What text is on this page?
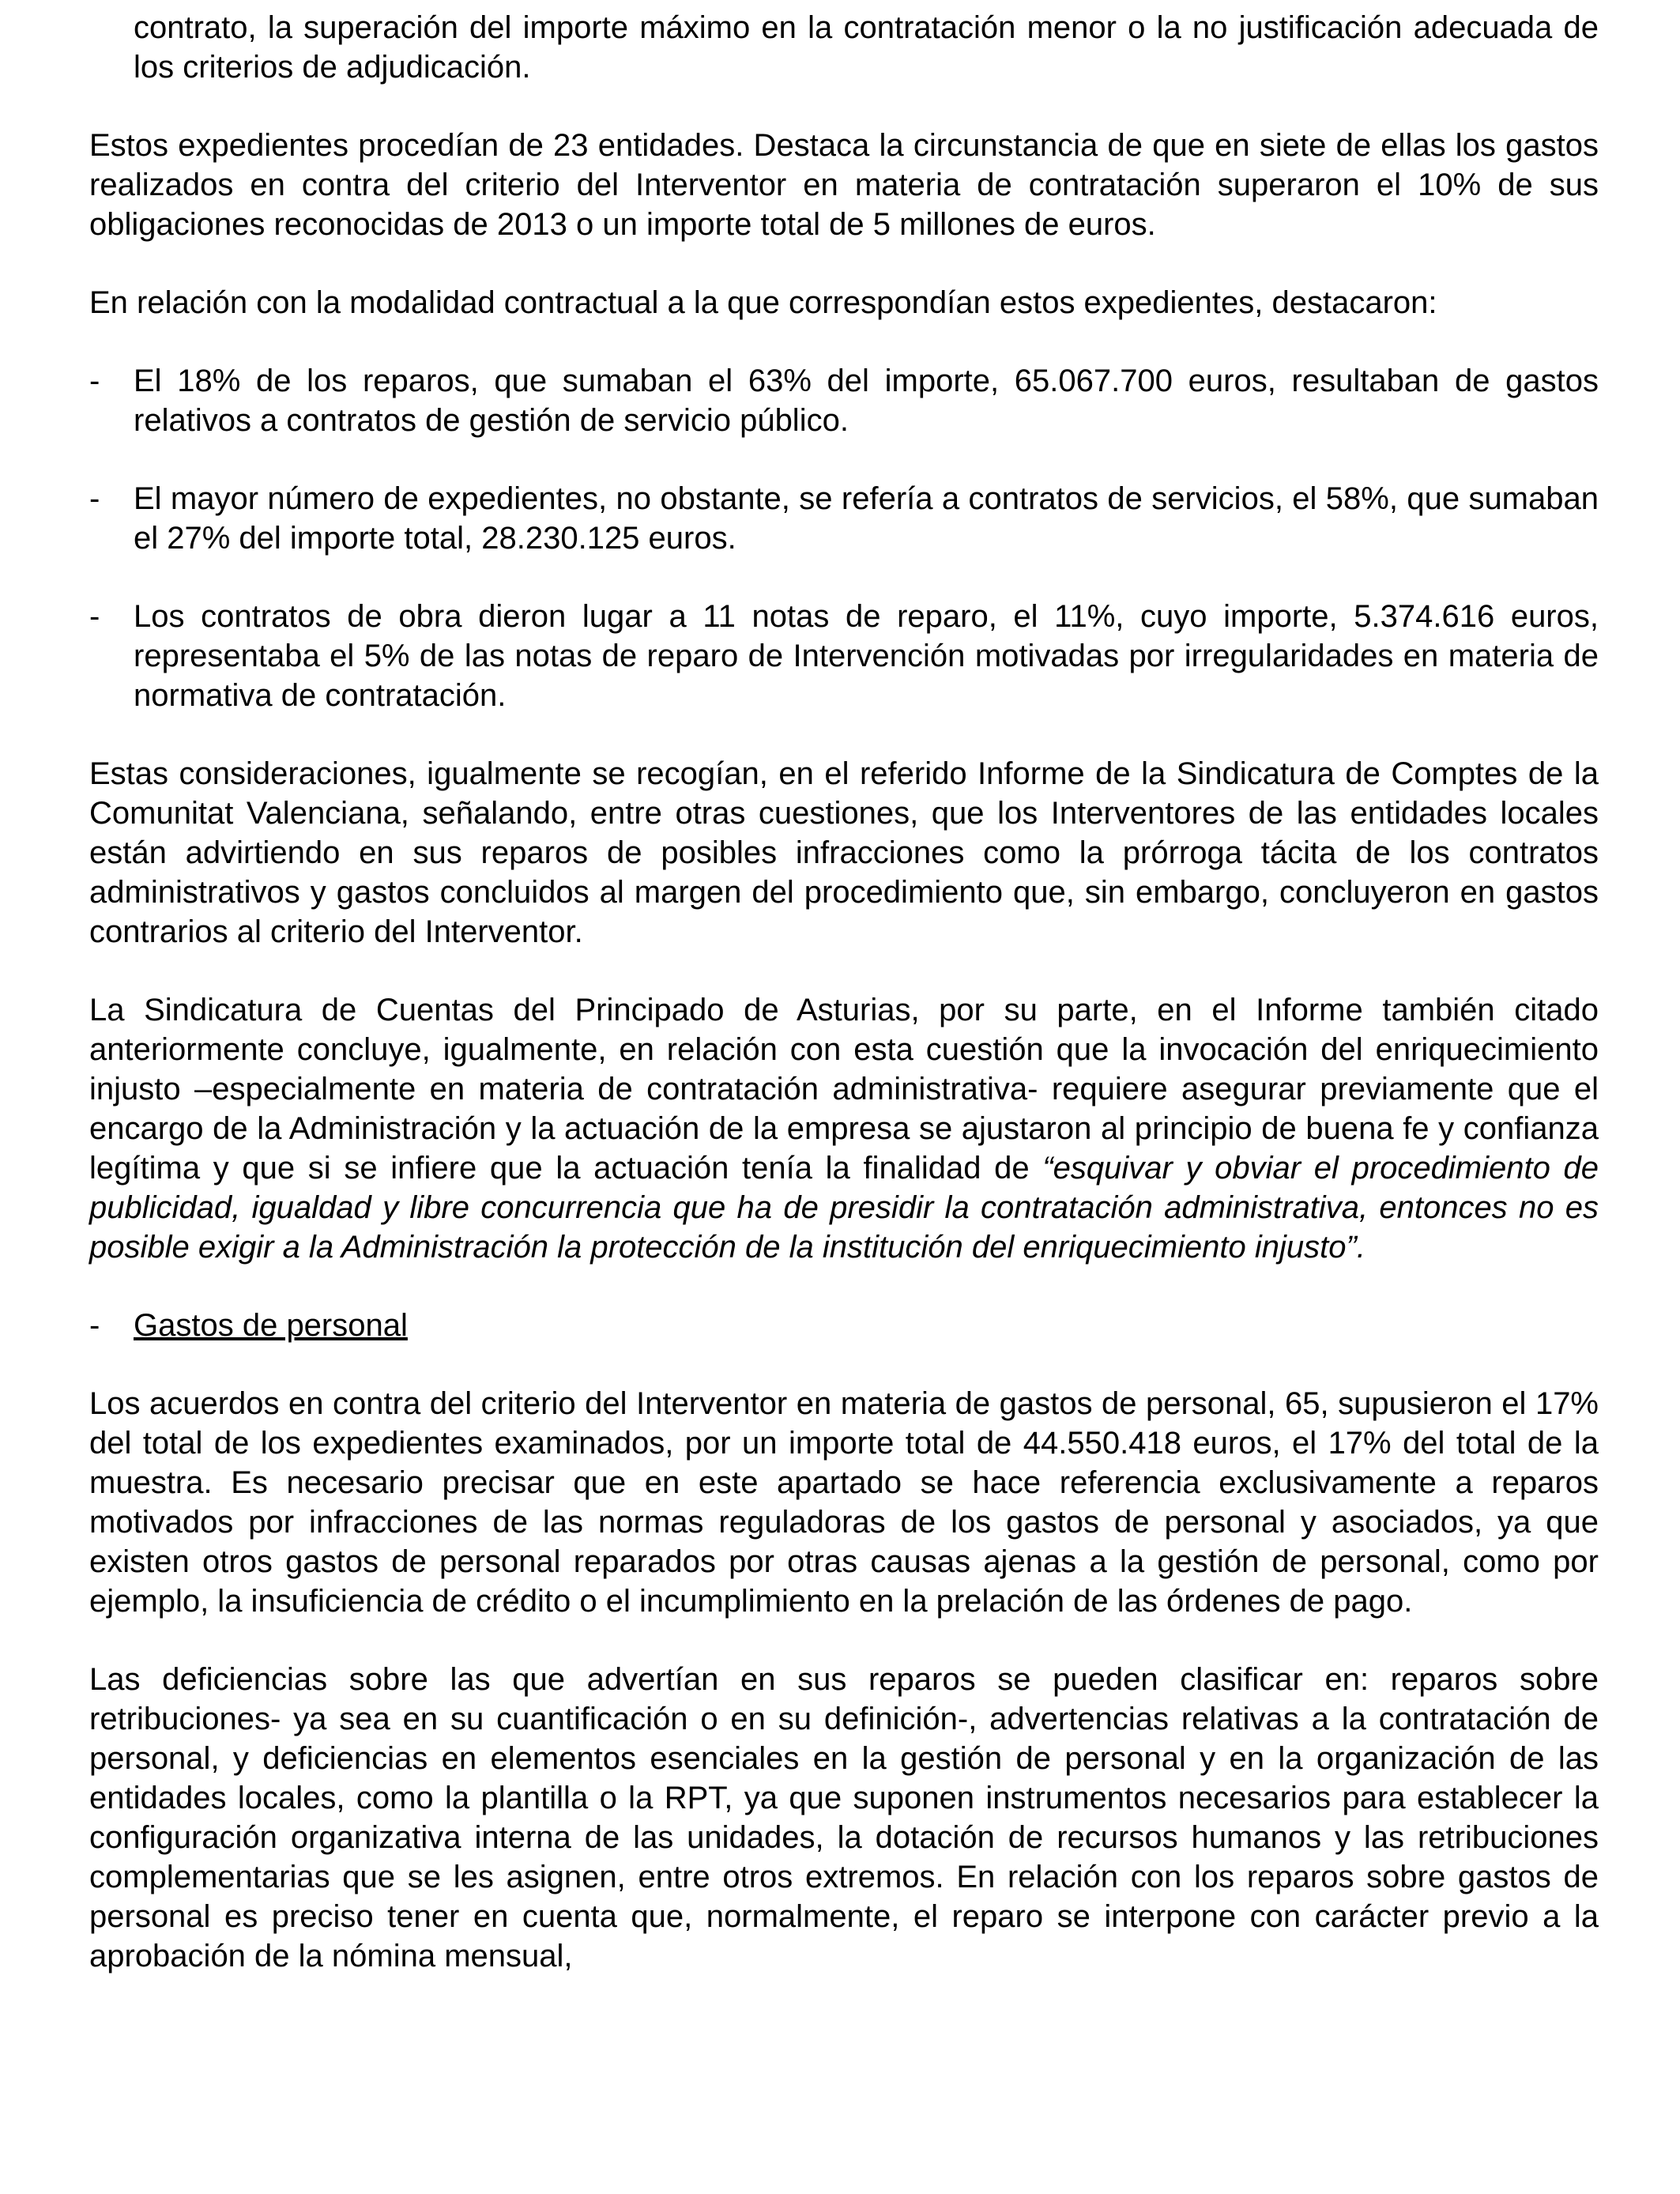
contrato, la superación del importe máximo en la contratación menor o la no justificación adecuada de los criterios de adjudicación.

Estos expedientes procedían de 23 entidades. Destaca la circunstancia de que en siete de ellas los gastos realizados en contra del criterio del Interventor en materia de contratación superaron el 10% de sus obligaciones reconocidas de 2013 o un importe total de 5 millones de euros.

En relación con la modalidad contractual a la que correspondían estos expedientes, destacaron:

- El 18% de los reparos, que sumaban el 63% del importe, 65.067.700 euros, resultaban de gastos relativos a contratos de gestión de servicio público.
- El mayor número de expedientes, no obstante, se refería a contratos de servicios, el 58%, que sumaban el 27% del importe total, 28.230.125 euros.
- Los contratos de obra dieron lugar a 11 notas de reparo, el 11%, cuyo importe, 5.374.616 euros, representaba el 5% de las notas de reparo de Intervención motivadas por irregularidades en materia de normativa de contratación.

Estas consideraciones, igualmente se recogían, en el referido Informe de la Sindicatura de Comptes de la Comunitat Valenciana, señalando, entre otras cuestiones, que los Interventores de las entidades locales están advirtiendo en sus reparos de posibles infracciones como la prórroga tácita de los contratos administrativos y gastos concluidos al margen del procedimiento que, sin embargo, concluyeron en gastos contrarios al criterio del Interventor.

La Sindicatura de Cuentas del Principado de Asturias, por su parte, en el Informe también citado anteriormente concluye, igualmente, en relación con esta cuestión que la invocación del enriquecimiento injusto –especialmente en materia de contratación administrativa- requiere asegurar previamente que el encargo de la Administración y la actuación de la empresa se ajustaron al principio de buena fe y confianza legítima y que si se infiere que la actuación tenía la finalidad de “esquivar y obviar el procedimiento de publicidad, igualdad y libre concurrencia que ha de presidir la contratación administrativa, entonces no es posible exigir a la Administración la protección de la institución del enriquecimiento injusto”.

- Gastos de personal

Los acuerdos en contra del criterio del Interventor en materia de gastos de personal, 65, supusieron el 17% del total de los expedientes examinados, por un importe total de 44.550.418 euros, el 17% del total de la muestra. Es necesario precisar que en este apartado se hace referencia exclusivamente a reparos motivados por infracciones de las normas reguladoras de los gastos de personal y asociados, ya que existen otros gastos de personal reparados por otras causas ajenas a la gestión de personal, como por ejemplo, la insuficiencia de crédito o el incumplimiento en la prelación de las órdenes de pago.

Las deficiencias sobre las que advertían en sus reparos se pueden clasificar en: reparos sobre retribuciones- ya sea en su cuantificación o en su definición-, advertencias relativas a la contratación de personal, y deficiencias en elementos esenciales en la gestión de personal y en la organización de las entidades locales, como la plantilla o la RPT, ya que suponen instrumentos necesarios para establecer la configuración organizativa interna de las unidades, la dotación de recursos humanos y las retribuciones complementarias que se les asignen, entre otros extremos. En relación con los reparos sobre gastos de personal es preciso tener en cuenta que, normalmente, el reparo se interpone con carácter previo a la aprobación de la nómina mensual,
